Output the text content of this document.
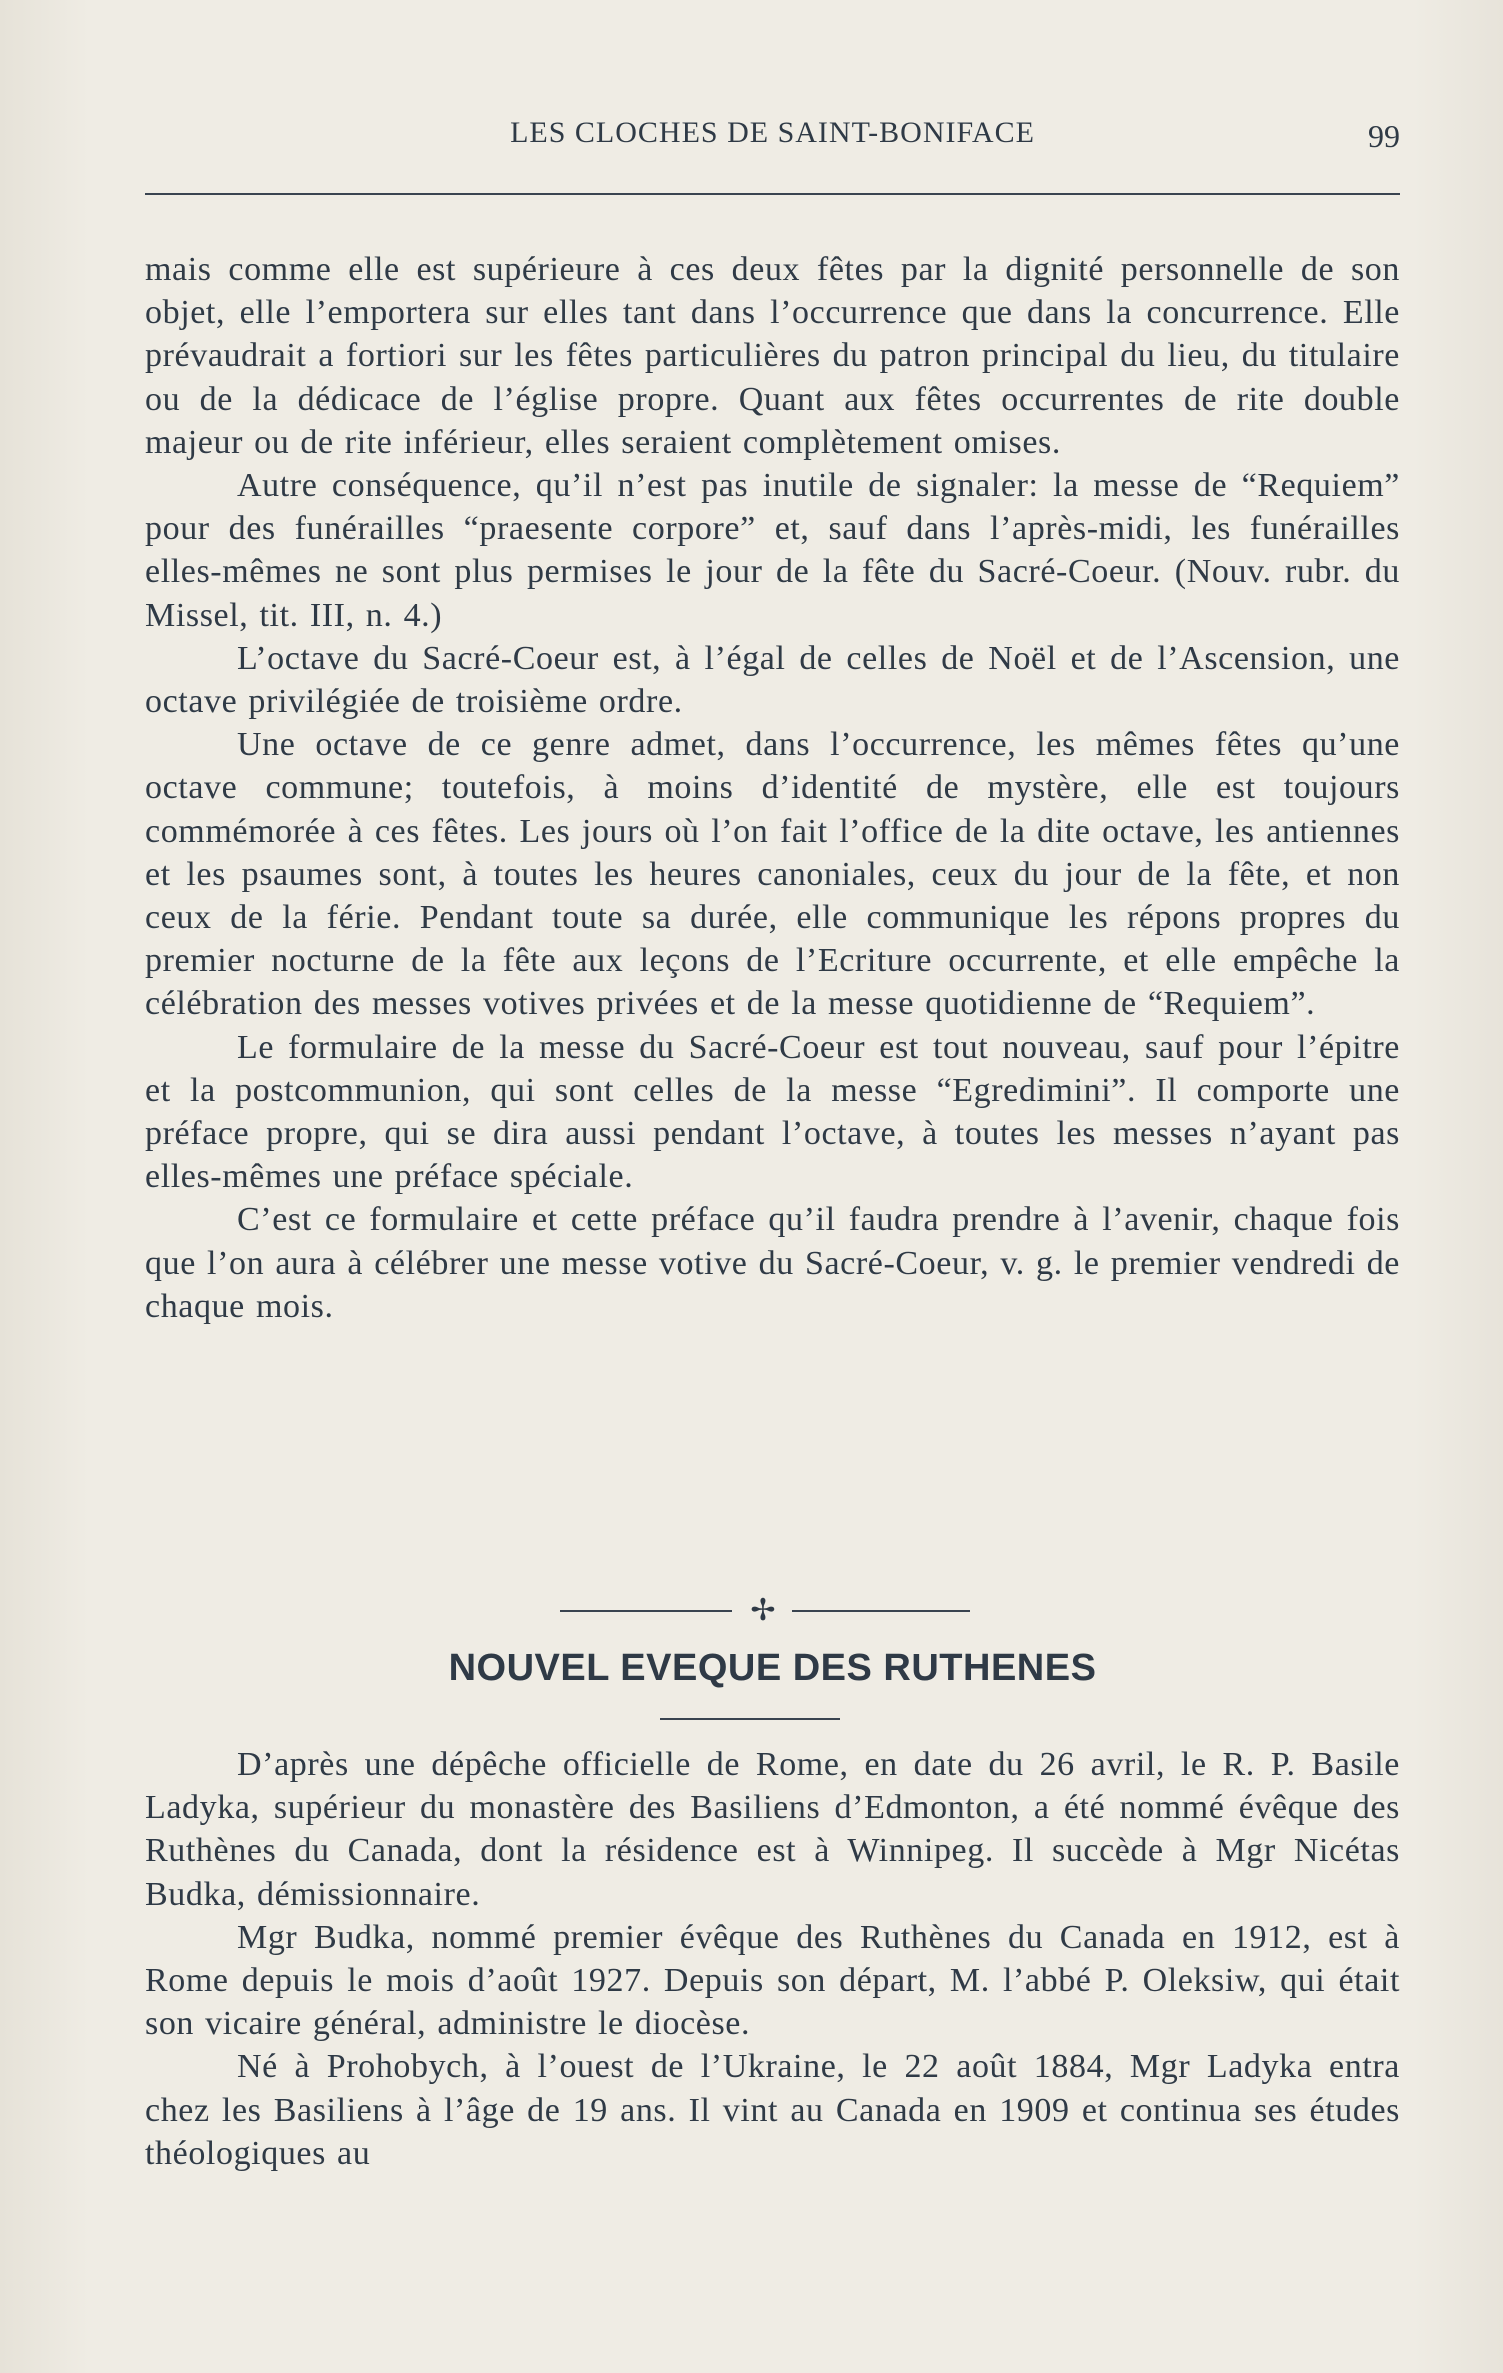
LES CLOCHES DE SAINT-BONIFACE	99

mais comme elle est supérieure à ces deux fêtes par la dignité personnelle de son objet, elle l’emportera sur elles tant dans l’occurrence que dans la concurrence. Elle prévaudrait a fortiori sur les fêtes particulières du patron principal du lieu, du titulaire ou de la dédicace de l’église propre. Quant aux fêtes occurrentes de rite double majeur ou de rite inférieur, elles seraient complètement omises.

Autre conséquence, qu’il n’est pas inutile de signaler: la messe de “Requiem” pour des funérailles “praesente corpore” et, sauf dans l’après-midi, les funérailles elles-mêmes ne sont plus permises le jour de la fête du Sacré-Coeur. (Nouv. rubr. du Missel, tit. III, n. 4.)

L’octave du Sacré-Coeur est, à l’égal de celles de Noël et de l’Ascension, une octave privilégiée de troisième ordre.

Une octave de ce genre admet, dans l’occurrence, les mêmes fêtes qu’une octave commune; toutefois, à moins d’identité de mystère, elle est toujours commémorée à ces fêtes. Les jours où l’on fait l’office de la dite octave, les antiennes et les psaumes sont, à toutes les heures canoniales, ceux du jour de la fête, et non ceux de la férie. Pendant toute sa durée, elle communique les répons propres du premier nocturne de la fête aux leçons de l’Ecriture occurrente, et elle empêche la célébration des messes votives privées et de la messe quotidienne de “Requiem”.

Le formulaire de la messe du Sacré-Coeur est tout nouveau, sauf pour l’épitre et la postcommunion, qui sont celles de la messe “Egredimini”. Il comporte une préface propre, qui se dira aussi pendant l’octave, à toutes les messes n’ayant pas elles-mêmes une préface spéciale.

C’est ce formulaire et cette préface qu’il faudra prendre à l’avenir, chaque fois que l’on aura à célébrer une messe votive du Sacré-Coeur, v. g. le premier vendredi de chaque mois.

✢
NOUVEL EVEQUE DES RUTHENES

D’après une dépêche officielle de Rome, en date du 26 avril, le R. P. Basile Ladyka, supérieur du monastère des Basiliens d’Edmonton, a été nommé évêque des Ruthènes du Canada, dont la résidence est à Winnipeg. Il succède à Mgr Nicétas Budka, démissionnaire.

Mgr Budka, nommé premier évêque des Ruthènes du Canada en 1912, est à Rome depuis le mois d’août 1927. Depuis son départ, M. l’abbé P. Oleksiw, qui était son vicaire général, administre le diocèse.

Né à Prohobych, à l’ouest de l’Ukraine, le 22 août 1884, Mgr Ladyka entra chez les Basiliens à l’âge de 19 ans. Il vint au Canada en 1909 et continua ses études théologiques au
